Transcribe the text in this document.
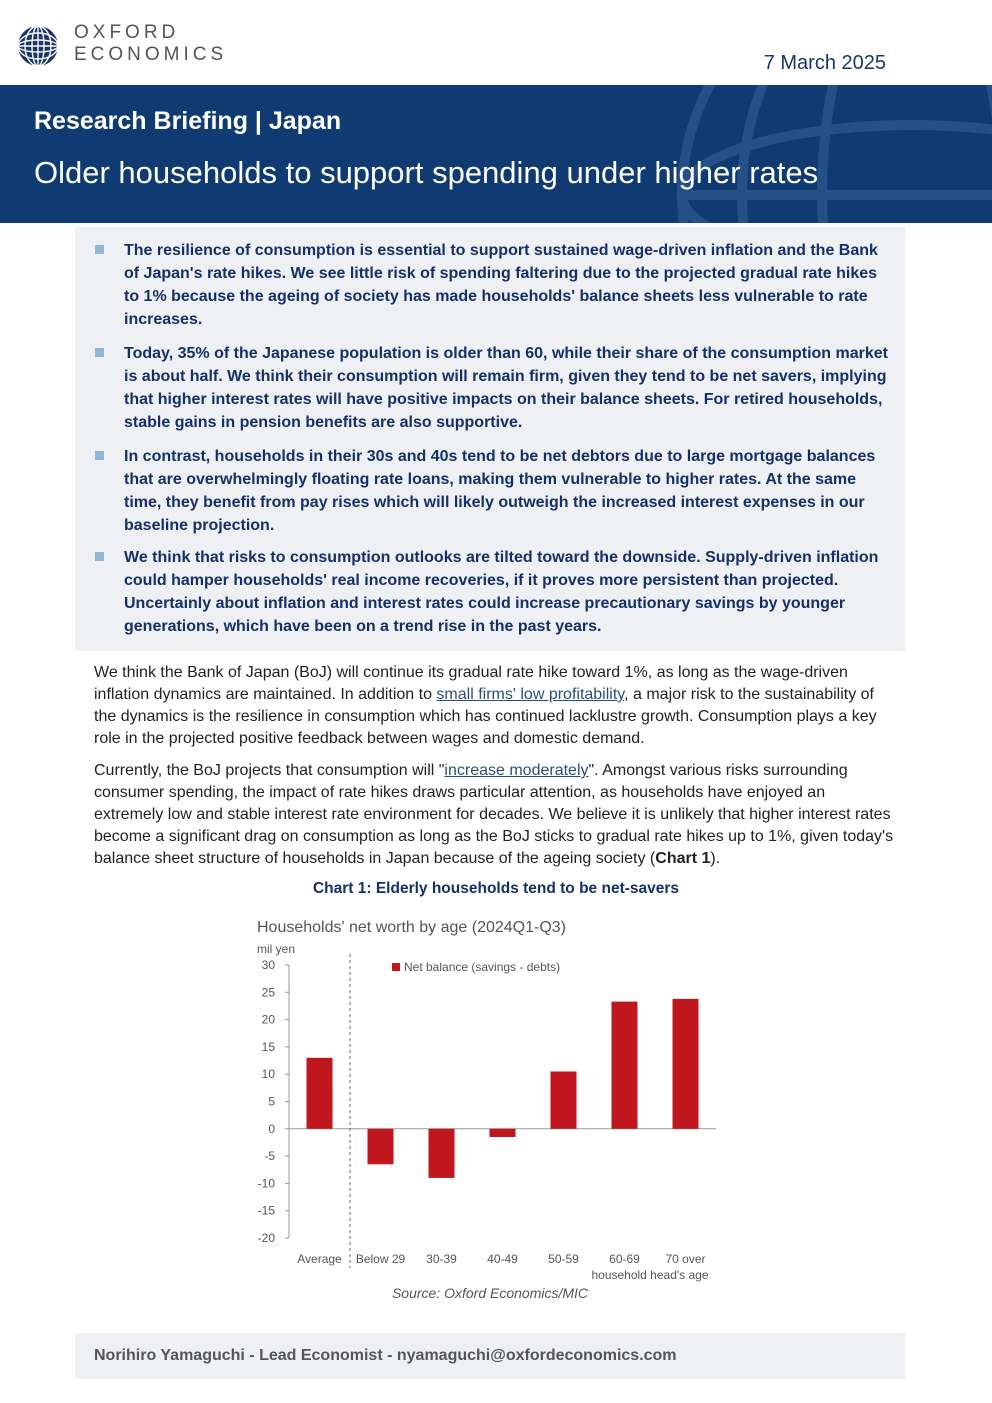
OXFORD
ECONOMICS	7 March 2025
Research Briefing | Japan
Older households to support spending under higher rates
The resilience of consumption is essential to support sustained wage-driven inflation and the Bank of Japan's rate hikes. We see little risk of spending faltering due to the projected gradual rate hikes to 1% because the ageing of society has made households' balance sheets less vulnerable to rate increases.
Today, 35% of the Japanese population is older than 60, while their share of the consumption market is about half. We think their consumption will remain firm, given they tend to be net savers, implying that higher interest rates will have positive impacts on their balance sheets. For retired households, stable gains in pension benefits are also supportive.
In contrast, households in their 30s and 40s tend to be net debtors due to large mortgage balances that are overwhelmingly floating rate loans, making them vulnerable to higher rates. At the same time, they benefit from pay rises which will likely outweigh the increased interest expenses in our baseline projection.
We think that risks to consumption outlooks are tilted toward the downside. Supply-driven inflation could hamper households' real income recoveries, if it proves more persistent than projected. Uncertainly about inflation and interest rates could increase precautionary savings by younger generations, which have been on a trend rise in the past years.
We think the Bank of Japan (BoJ) will continue its gradual rate hike toward 1%, as long as the wage-driven inflation dynamics are maintained. In addition to small firms' low profitability, a major risk to the sustainability of the dynamics is the resilience in consumption which has continued lacklustre growth. Consumption plays a key role in the projected positive feedback between wages and domestic demand.
Currently, the BoJ projects that consumption will "increase moderately". Amongst various risks surrounding consumer spending, the impact of rate hikes draws particular attention, as households have enjoyed an extremely low and stable interest rate environment for decades. We believe it is unlikely that higher interest rates become a significant drag on consumption as long as the BoJ sticks to gradual rate hikes up to 1%, given today's balance sheet structure of households in Japan because of the ageing society (Chart 1).
Chart 1: Elderly households tend to be net-savers
Households' net worth by age (2024Q1-Q3)
mil yen
Net balance (savings - debts)
household head's age
30
25
20
15
10
5
0
-5
-10
-15
-20
Average Below 29 30-39	40-49	50-59	60-69 70 over
Source: Oxford Economics/MIC
Norihiro Yamaguchi - Lead Economist - nyamaguchi@oxfordeconomics.com
